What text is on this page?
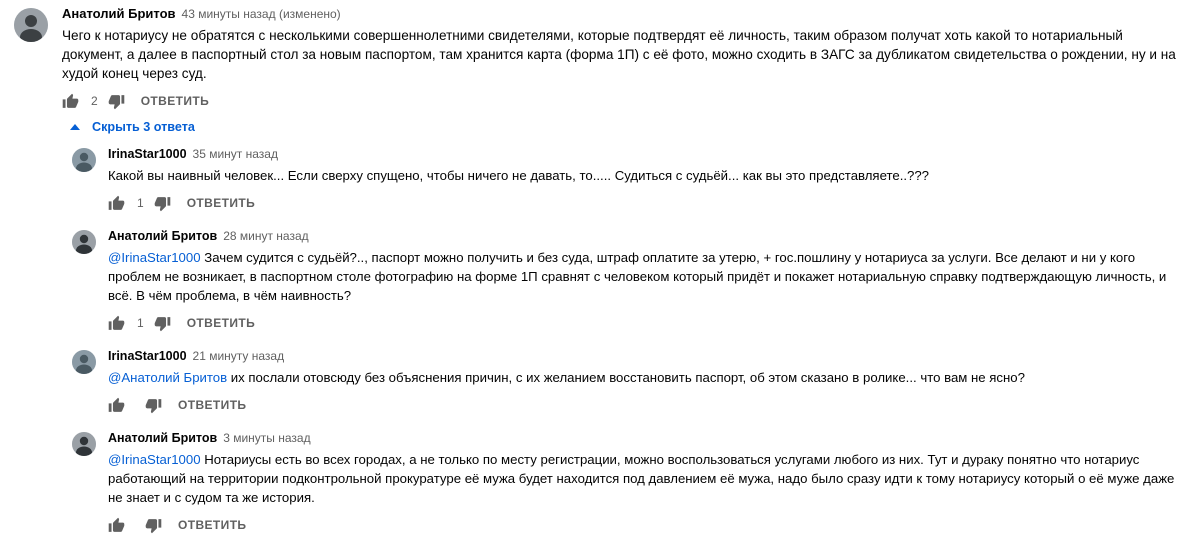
Анатолий Бритов 43 минуты назад (изменено)
Чего к нотариусу не обратятся с несколькими совершеннолетними свидетелями, которые подтвердят её личность, таким образом получат хоть какой то нотариальный документ, а далее в паспортный стол за новым паспортом, там хранится карта (форма 1П) с её фото, можно сходить в ЗАГС за дубликатом свидетельства о рождении, ну и на худой конец через суд.
2	ОТВЕТИТЬ
Скрыть 3 ответа
IrinaStar1000 35 минут назад
Какой вы наивный человек... Если сверху спущено, чтобы ничего не давать, то..... Судиться с судьёй... как вы это представляете..???
1	ОТВЕТИТЬ
Анатолий Бритов 28 минут назад
@IrinaStar1000 Зачем судится с судьёй?.., паспорт можно получить и без суда, штраф оплатите за утерю, + гос.пошлину у нотариуса за услуги. Все делают и ни у кого проблем не возникает, в паспортном столе фотографию на форме 1П сравнят с человеком который придёт и покажет нотариальную справку подтверждающую личность, и всё. В чём проблема, в чём наивность?
1	ОТВЕТИТЬ
IrinaStar1000 21 минуту назад
@Анатолий Бритов их послали отовсюду без объяснения причин, с их желанием восстановить паспорт, об этом сказано в ролике... что вам не ясно?
ОТВЕТИТЬ
Анатолий Бритов 3 минуты назад
@IrinaStar1000 Нотариусы есть во всех городах, а не только по месту регистрации, можно воспользоваться услугами любого из них. Тут и дураку понятно что нотариус работающий на территории подконтрольной прокуратуре её мужа будет находится под давлением её мужа, надо было сразу идти к тому нотариусу который о её муже даже не знает и с судом та же история.
ОТВЕТИТЬ
